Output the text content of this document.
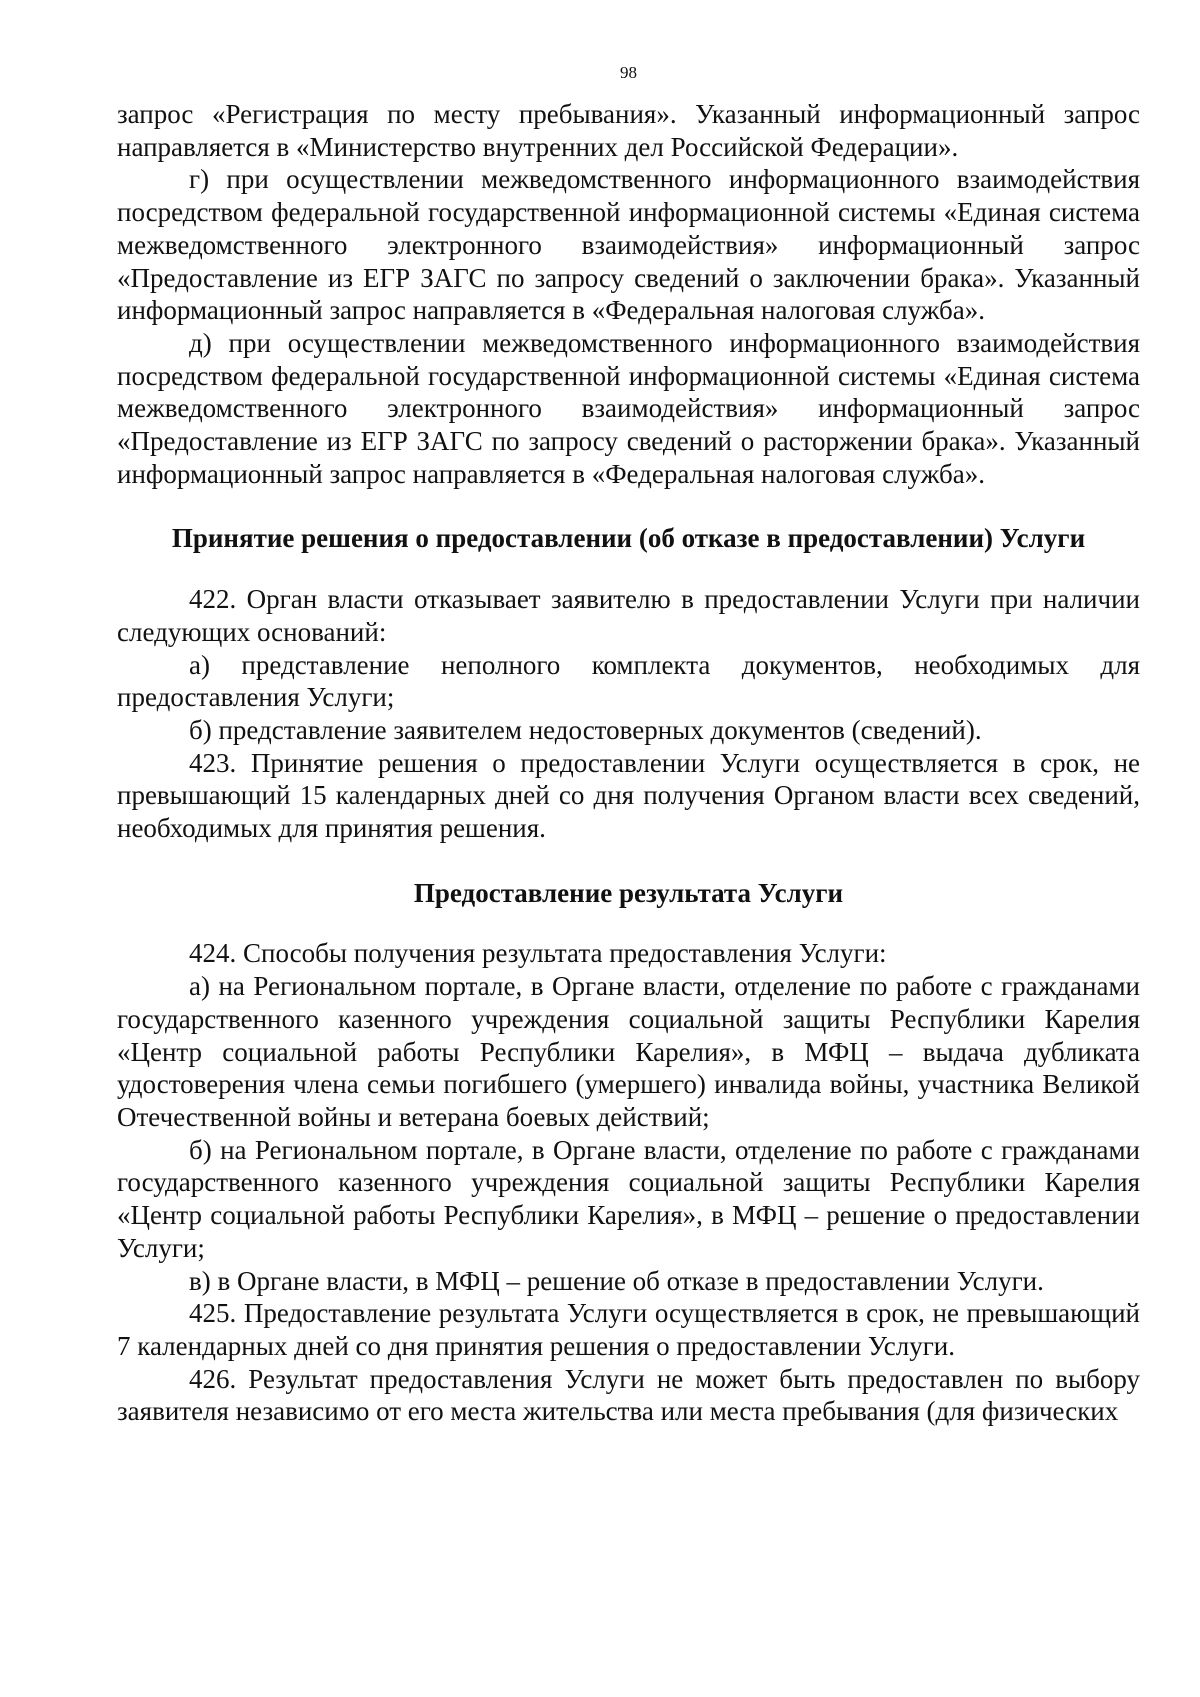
98

запрос «Регистрация по месту пребывания». Указанный информационный запрос направляется в «Министерство внутренних дел Российской Федерации».

г) при осуществлении межведомственного информационного взаимодействия посредством федеральной государственной информационной системы «Единая система межведомственного электронного взаимодействия» информационный запрос «Предоставление из ЕГР ЗАГС по запросу сведений о заключении брака». Указанный информационный запрос направляется в «Федеральная налоговая служба».

д) при осуществлении межведомственного информационного взаимодействия посредством федеральной государственной информационной системы «Единая система межведомственного электронного взаимодействия» информационный запрос «Предоставление из ЕГР ЗАГС по запросу сведений о расторжении брака». Указанный информационный запрос направляется в «Федеральная налоговая служба».

Принятие решения о предоставлении (об отказе в предоставлении) Услуги

422. Орган власти отказывает заявителю в предоставлении Услуги при наличии следующих оснований:

а) представление неполного комплекта документов, необходимых для предоставления Услуги;

б) представление заявителем недостоверных документов (сведений).

423. Принятие решения о предоставлении Услуги осуществляется в срок, не превышающий 15 календарных дней со дня получения Органом власти всех сведений, необходимых для принятия решения.

Предоставление результата Услуги

424. Способы получения результата предоставления Услуги:

а) на Региональном портале, в Органе власти, отделение по работе с гражданами государственного казенного учреждения социальной защиты Республики Карелия «Центр социальной работы Республики Карелия», в МФЦ – выдача дубликата удостоверения члена семьи погибшего (умершего) инвалида войны, участника Великой Отечественной войны и ветерана боевых действий;

б) на Региональном портале, в Органе власти, отделение по работе с гражданами государственного казенного учреждения социальной защиты Республики Карелия «Центр социальной работы Республики Карелия», в МФЦ – решение о предоставлении Услуги;

в) в Органе власти, в МФЦ – решение об отказе в предоставлении Услуги.

425. Предоставление результата Услуги осуществляется в срок, не превышающий 7 календарных дней со дня принятия решения о предоставлении Услуги.

426. Результат предоставления Услуги не может быть предоставлен по выбору заявителя независимо от его места жительства или места пребывания (для физических
